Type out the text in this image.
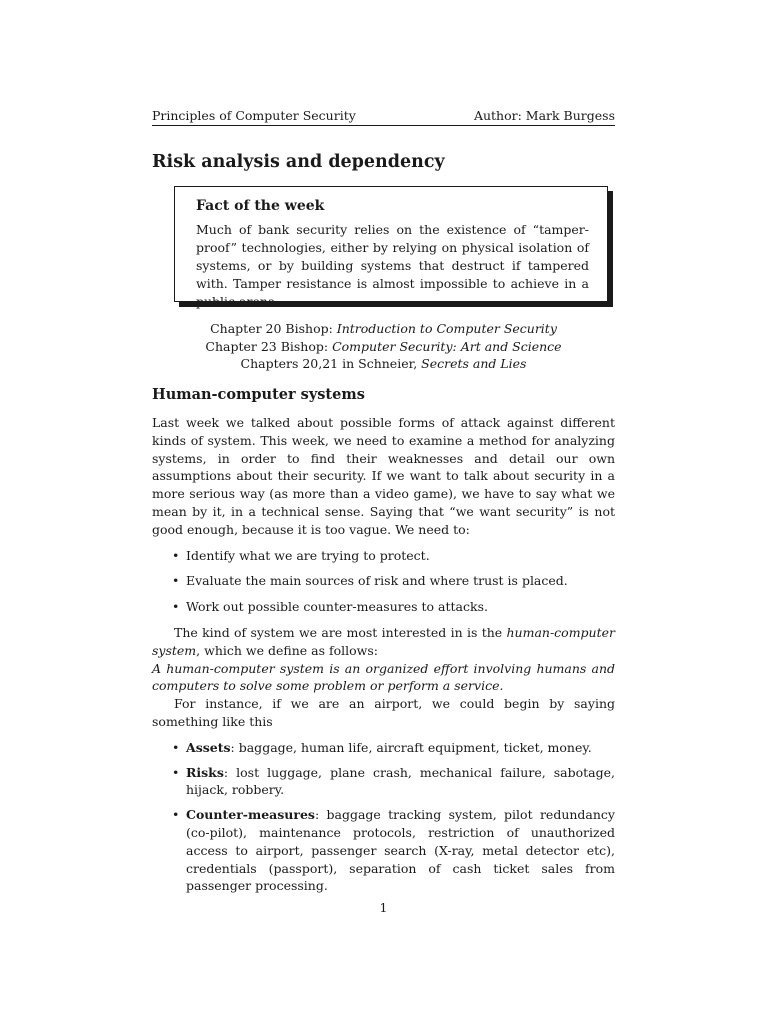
Principles of Computer Security	Author: Mark Burgess
Risk analysis and dependency
Fact of the week

Much of bank security relies on the existence of “tamper-proof” technologies, either by relying on physical isolation of systems, or by building systems that destruct if tampered with. Tamper resistance is almost impossible to achieve in a public arena.

Chapter 20 Bishop: Introduction to Computer Security
Chapter 23 Bishop: Computer Security: Art and Science
Chapters 20,21 in Schneier, Secrets and Lies
Human-computer systems

Last week we talked about possible forms of attack against different kinds of system. This week, we need to examine a method for analyzing systems, in order to find their weaknesses and detail our own assumptions about their security. If we want to talk about security in a more serious way (as more than a video game), we have to say what we mean by it, in a technical sense. Saying that “we want security” is not good enough, because it is too vague. We need to:

• Identify what we are trying to protect.
• Evaluate the main sources of risk and where trust is placed.
• Work out possible counter-measures to attacks.

The kind of system we are most interested in is the human-computer system, which we define as follows:

A human-computer system is an organized effort involving humans and computers to solve some problem or perform a service.

For instance, if we are an airport, we could begin by saying something like this

• Assets: baggage, human life, aircraft equipment, ticket, money.
• Risks: lost luggage, plane crash, mechanical failure, sabotage, hijack, robbery.
• Counter-measures: baggage tracking system, pilot redundancy (co-pilot), maintenance protocols, restriction of unauthorized access to airport, passenger search (X-ray, metal detector etc), credentials (passport), separation of cash ticket sales from passenger processing.
1
